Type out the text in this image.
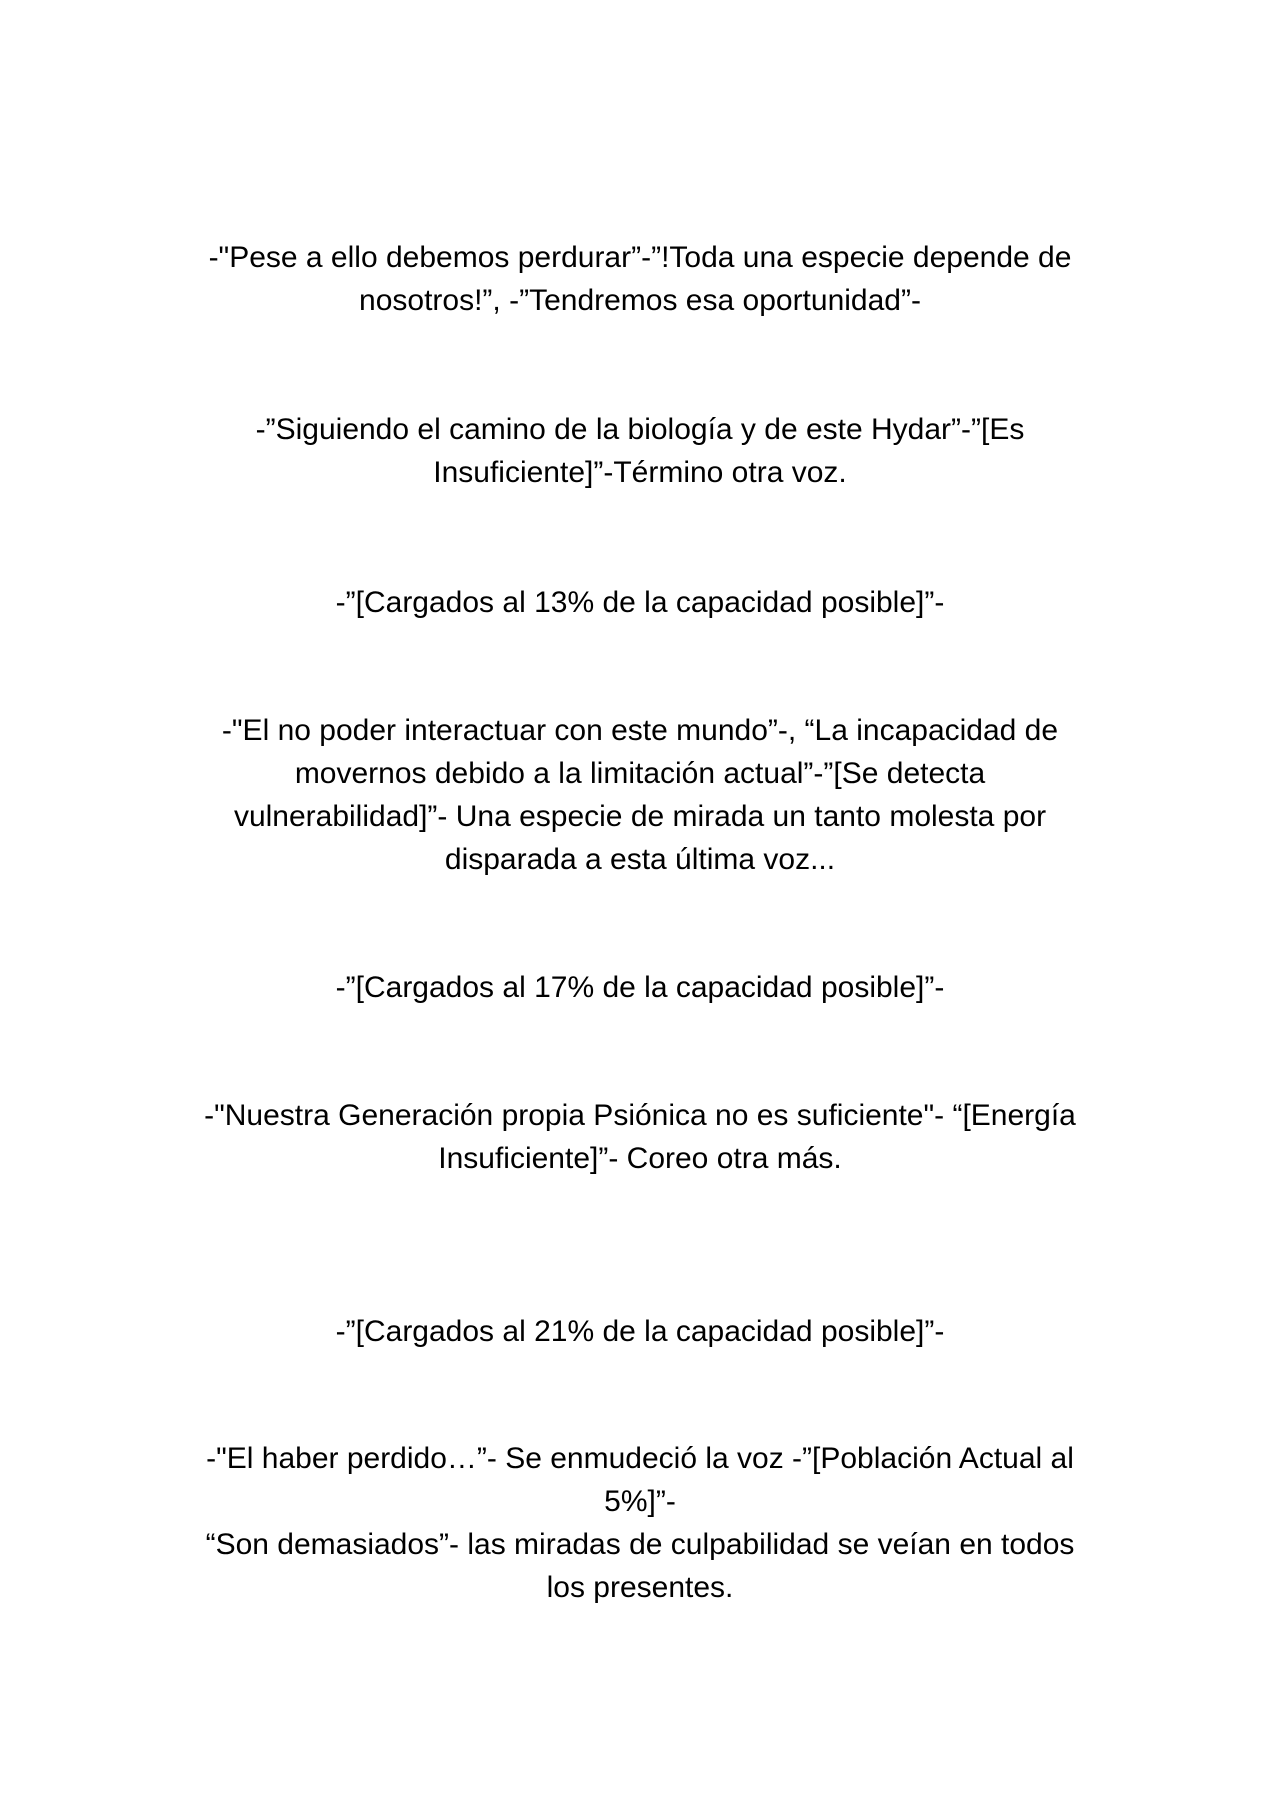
-"Pese a ello debemos perdurar”-”!Toda una especie depende de
nosotros!”, -”Tendremos esa oportunidad”-

-”Siguiendo el camino de la biología y de este Hydar”-”[Es
Insuficiente]”-Término otra voz.

-”[Cargados al 13% de la capacidad posible]”-

-"El no poder interactuar con este mundo”-, “La incapacidad de
movernos debido a la limitación actual”-”[Se detecta
vulnerabilidad]”- Una especie de mirada un tanto molesta por
disparada a esta última voz...

-”[Cargados al 17% de la capacidad posible]”-

-"Nuestra Generación propia Psiónica no es suficiente"- “[Energía
Insuficiente]”- Coreo otra más.

-”[Cargados al 21% de la capacidad posible]”-

-"El haber perdido…”- Se enmudeció la voz -”[Población Actual al
5%]”-
“Son demasiados”- las miradas de culpabilidad se veían en todos
los presentes.
